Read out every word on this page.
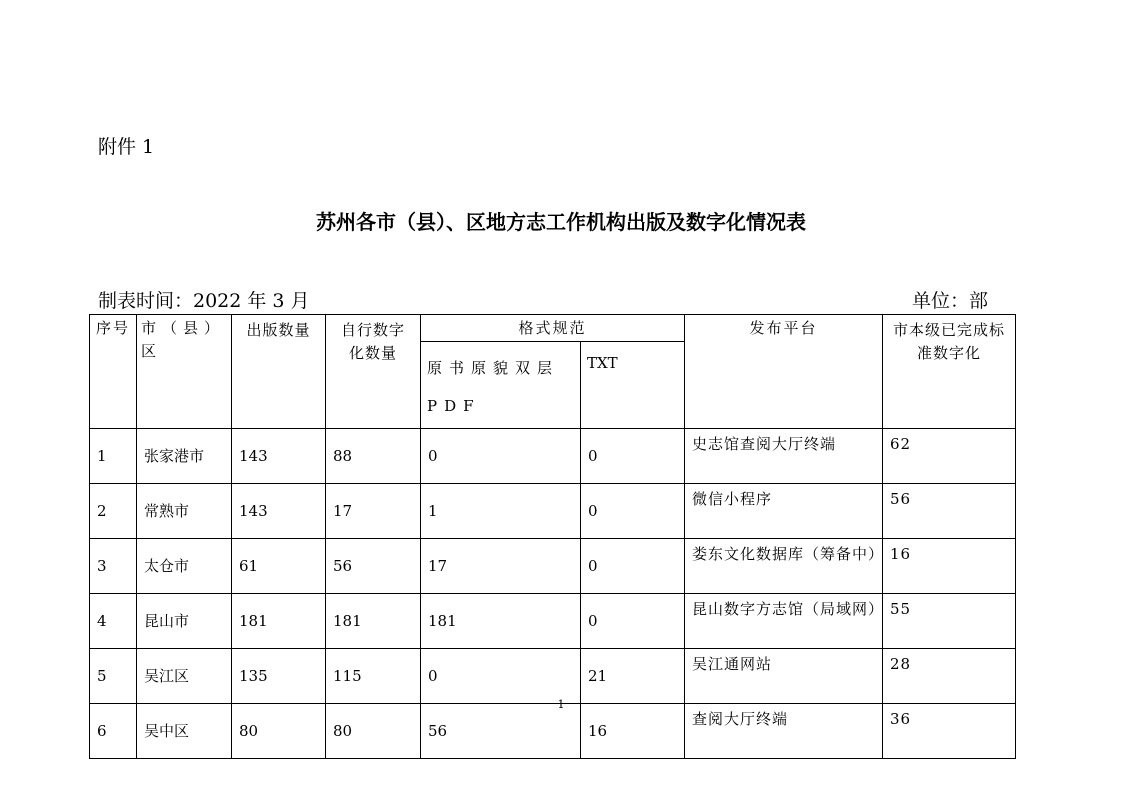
附件 1
苏州各市（县）、区地方志工作机构出版及数字化情况表
制表时间：2022 年 3 月	单位：部
序号	市（县）区	出版数量	自行数字化数量	格式规范		发布平台	市本级已完成标准数字化
				原书原貌双层PDF	TXT		
1	张家港市	143	88	0	0	史志馆查阅大厅终端	62
2	常熟市	143	17	1	0	微信小程序	56
3	太仓市	61	56	17	0	娄东文化数据库（筹备中）	16
4	昆山市	181	181	181	0	昆山数字方志馆（局域网）	55
5	吴江区	135	115	0	21	吴江通网站	28
6	吴中区	80	80	56	16	查阅大厅终端	36
1
